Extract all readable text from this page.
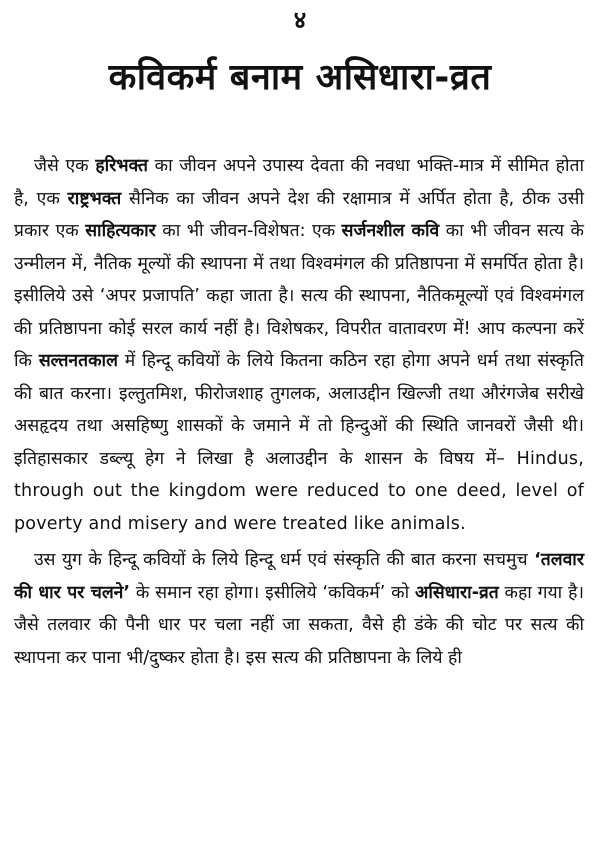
४
कविकर्म बनाम असिधारा-व्रत

जैसे एक हरिभक्त का जीवन अपने उपास्य देवता की नवधा भक्ति-मात्र में सीमित होता है, एक राष्ट्रभक्त सैनिक का जीवन अपने देश की रक्षामात्र में अर्पित होता है, ठीक उसी प्रकार एक साहित्यकार का भी जीवन-विशेषत: एक सर्जनशील कवि का भी जीवन सत्य के उन्मीलन में, नैतिक मूल्यों की स्थापना में तथा विश्वमंगल की प्रतिष्ठापना में समर्पित होता है। इसीलिये उसे ‘अपर प्रजापति’ कहा जाता है। सत्य की स्थापना, नैतिकमूल्यों एवं विश्वमंगल की प्रतिष्ठापना कोई सरल कार्य नहीं है। विशेषकर, विपरीत वातावरण में! आप कल्पना करें कि सल्तनतकाल में हिन्दू कवियों के लिये कितना कठिन रहा होगा अपने धर्म तथा संस्कृति की बात करना। इल्तुतमिश, फीरोजशाह तुगलक, अलाउद्दीन खिल्जी तथा औरंगजेब सरीखे असहृदय तथा असहिष्णु शासकों के जमाने में तो हिन्दुओं की स्थिति जानवरों जैसी थी। इतिहासकार डब्ल्यू हेग ने लिखा है अलाउद्दीन के शासन के विषय में– Hindus, through out the kingdom were reduced to one deed, level of poverty and misery and were treated like animals.

उस युग के हिन्दू कवियों के लिये हिन्दू धर्म एवं संस्कृति की बात करना सचमुच ‘तलवार की धार पर चलने’ के समान रहा होगा। इसीलिये ‘कविकर्म’ को असिधारा-व्रत कहा गया है। जैसे तलवार की पैनी धार पर चला नहीं जा सकता, वैसे ही डंके की चोट पर सत्य की स्थापना कर पाना भी/दुष्कर होता है। इस सत्य की प्रतिष्ठापना के लिये ही
